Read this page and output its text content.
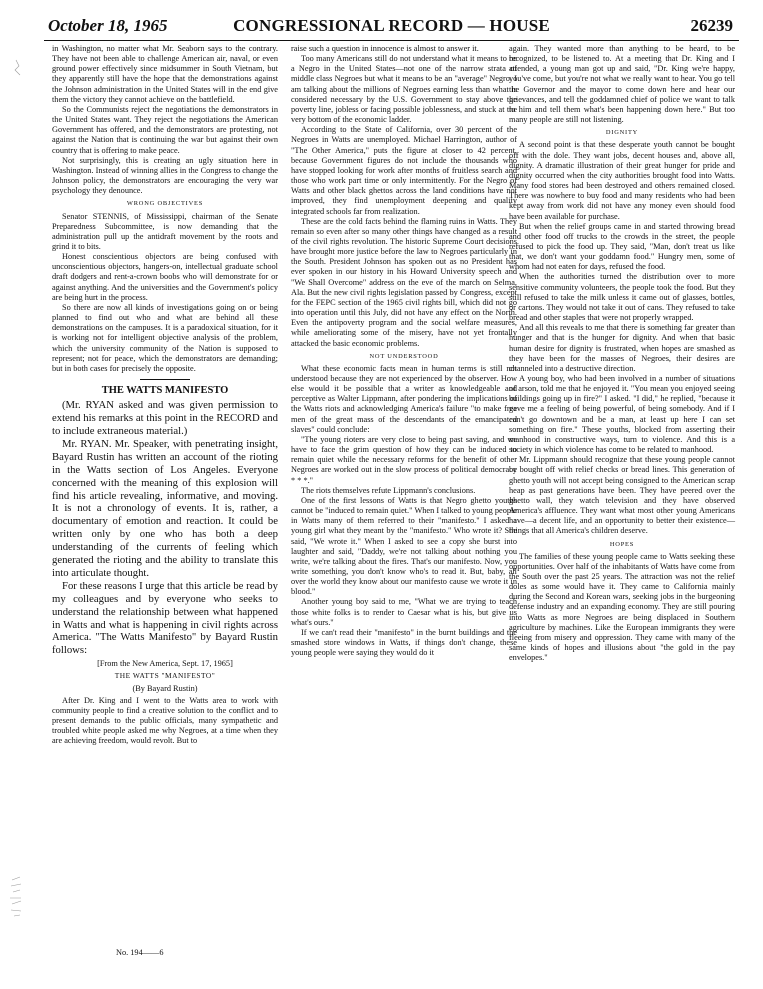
October 18, 1965	CONGRESSIONAL RECORD — HOUSE	26239

in Washington, no matter what Mr. Seaborn says to the contrary. They have not been able to challenge American air, naval, or even ground power effectively since midsummer in South Vietnam, but they apparently still have the hope that the demonstrations against the Johnson administration in the United States will in the end give them the victory they cannot achieve on the battlefield.

So the Communists reject the negotiations the demonstrators in the United States want. They reject the negotiations the American Government has offered, and the demonstrators are protesting, not against the Nation that is continuing the war but against their own country that is offering to make peace.

Not surprisingly, this is creating an ugly situation here in Washington. Instead of winning allies in the Congress to change the Johnson policy, the demonstrators are encouraging the very war psychology they denounce.

WRONG OBJECTIVES

Senator STENNIS, of Mississippi, chairman of the Senate Preparedness Subcommittee, is now demanding that the administration pull up the antidraft movement by the roots and grind it to bits.

Honest conscientious objectors are being confused with unconscientious objectors, hangers-on, intellectual graduate school draft dodgers and rent-a-crown boobs who will demonstrate for or against anything. And the universities and the Government's policy are being hurt in the process.

So there are now all kinds of investigations going on or being planned to find out who and what are behind all these demonstrations on the campuses. It is a paradoxical situation, for it is working not for intelligent objective analysis of the problem, which the university community of the Nation is supposed to represent; not for peace, which the demonstrators are demanding; but in both cases for precisely the opposite.

THE WATTS MANIFESTO

(Mr. RYAN asked and was given permission to extend his remarks at this point in the RECORD and to include extraneous material.)

Mr. RYAN. Mr. Speaker, with penetrating insight, Bayard Rustin has written an account of the rioting in the Watts section of Los Angeles. Everyone concerned with the meaning of this explosion will find his article revealing, informative, and moving. It is not a chronology of events. It is, rather, a documentary of emotion and reaction. It could be written only by one who has both a deep understanding of the currents of feeling which generated the rioting and the ability to translate this into articulate thought.

For these reasons I urge that this article be read by my colleagues and by everyone who seeks to understand the relationship between what happened in Watts and what is happening in civil rights across America. "The Watts Manifesto" by Bayard Rustin follows:

[From the New America, Sept. 17, 1965]
THE WATTS "MANIFESTO"
(By Bayard Rustin)

After Dr. King and I went to the Watts area to work with community people to find a creative solution to the conflict and to present demands to the public officials, many sympathetic and troubled white people asked me why Negroes, at a time when they are achieving freedom, would revolt. But to

No. 194——6

raise such a question in innocence is almost to answer it.

Too many Americans still do not understand what it means to be a Negro in the United States—not one of the narrow strata of middle class Negroes but what it means to be an "average" Negro. I am talking about the millions of Negroes earning less than what is considered necessary by the U.S. Government to stay above the poverty line, jobless or facing possible joblessness, and stuck at the very bottom of the economic ladder.

According to the State of California, over 30 percent of the Negroes in Watts are unemployed. Michael Harrington, author of "The Other America," puts the figure at closer to 42 percent, because Government figures do not include the thousands who have stopped looking for work after months of fruitless search and those who work part time or only intermittently. For the Negro of Watts and other black ghettos across the land conditions have not improved, they find unemployment deepening and quality integrated schools far from realization.

These are the cold facts behind the flaming ruins in Watts. They remain so even after so many other things have changed as a result of the civil rights revolution. The historic Supreme Court decisions have brought more justice before the law to Negroes particularly in the South. President Johnson has spoken out as no President has ever spoken in our history in his Howard University speech and "We Shall Overcome" address on the eve of the march on Selma, Ala. But the new civil rights legislation passed by Congress, except for the FEPC section of the 1965 civil rights bill, which did not go into operation until this July, did not have any effect on the North. Even the antipoverty program and the social welfare measures, while ameliorating some of the misery, have not yet frontally attacked the basic economic problems.

NOT UNDERSTOOD

What these economic facts mean in human terms is still not understood because they are not experienced by the observer. How else would it be possible that a writer as knowledgeable and perceptive as Walter Lippmann, after pondering the implications of the Watts riots and acknowledging America's failure "to make free men of the great mass of the descendants of the emancipated slaves" could conclude:

"The young rioters are very close to being past saving, and we have to face the grim question of how they can be induced to remain quiet while the necessary reforms for the benefit of other Negroes are worked out in the slow process of political democracy * * *."

The riots themselves refute Lippmann's conclusions.

One of the first lessons of Watts is that Negro ghetto youths cannot be "induced to remain quiet." When I talked to young people in Watts many of them referred to their "manifesto." I asked a young girl what they meant by the "manifesto." Who wrote it? She said, "We wrote it." When I asked to see a copy she burst into laughter and said, "Daddy, we're not talking about nothing you write, we're talking about the fires. That's our manifesto. Now, you write something, you don't know who's to read it. But, baby, all over the world they know about our manifesto cause we wrote it in blood."

Another young boy said to me, "What we are trying to teach those white folks is to render to Caesar what is his, but give us what's ours."

If we can't read their "manifesto" in the burnt buildings and the smashed store windows in Watts, if things don't change, these young people were saying they would do it

again. They wanted more than anything to be heard, to be recognized, to be listened to. At a meeting that Dr. King and I attended, a young man got up and said, "Dr. King we're happy, you've come, but you're not what we really want to hear. You go tell the Governor and the mayor to come down here and hear our grievances, and tell the goddamned chief of police we want to talk to him and tell them what's been happening down here." But too many people are still not listening.

DIGNITY

A second point is that these desperate youth cannot be bought off with the dole. They want jobs, decent houses and, above all, dignity. A dramatic illustration of their great hunger for pride and dignity occurred when the city authorities brought food into Watts. Many food stores had been destroyed and others remained closed. There was nowhere to buy food and many residents who had been kept away from work did not have any money even should food have been available for purchase.

But when the relief groups came in and started throwing bread and other food off trucks to the crowds in the street, the people refused to pick the food up. They said, "Man, don't treat us like that, we don't want your goddamn food." Hungry men, some of whom had not eaten for days, refused the food.

When the authorities turned the distribution over to more sensitive community volunteers, the people took the food. But they still refused to take the milk unless it came out of glasses, bottles, or cartons. They would not take it out of cans. They refused to take bread and other staples that were not properly wrapped.

And all this reveals to me that there is something far greater than hunger and that is the hunger for dignity. And when that basic human desire for dignity is frustrated, when hopes are smashed as they have been for the masses of Negroes, their desires are channeled into a destructive direction.

A young boy, who had been involved in a number of situations of arson, told me that he enjoyed it. "You mean you enjoyed seeing buildings going up in fire?" I asked. "I did," he replied, "because it gave me a feeling of being powerful, of being somebody. And if I can't go downtown and be a man, at least up here I can set something on fire." These youths, blocked from asserting their manhood in constructive ways, turn to violence. And this is a society in which violence has come to be related to manhood.

Mr. Lippmann should recognize that these young people cannot be bought off with relief checks or bread lines. This generation of ghetto youth will not accept being consigned to the American scrap heap as past generations have been. They have peered over the ghetto wall, they watch television and they have observed America's affluence. They want what most other young Americans have—a decent life, and an opportunity to better their existence—things that all America's children deserve.

HOPES

The families of these young people came to Watts seeking these opportunities. Over half of the inhabitants of Watts have come from the South over the past 25 years. The attraction was not the relief doles as some would have it. They came to California mainly during the Second and Korean wars, seeking jobs in the burgeoning defense industry and an expanding economy. They are still pouring into Watts as more Negroes are being displaced in Southern agriculture by machines. Like the European immigrants they were fleeing from misery and oppression. They came with many of the same kinds of hopes and illusions about "the gold in the pay envelopes."
